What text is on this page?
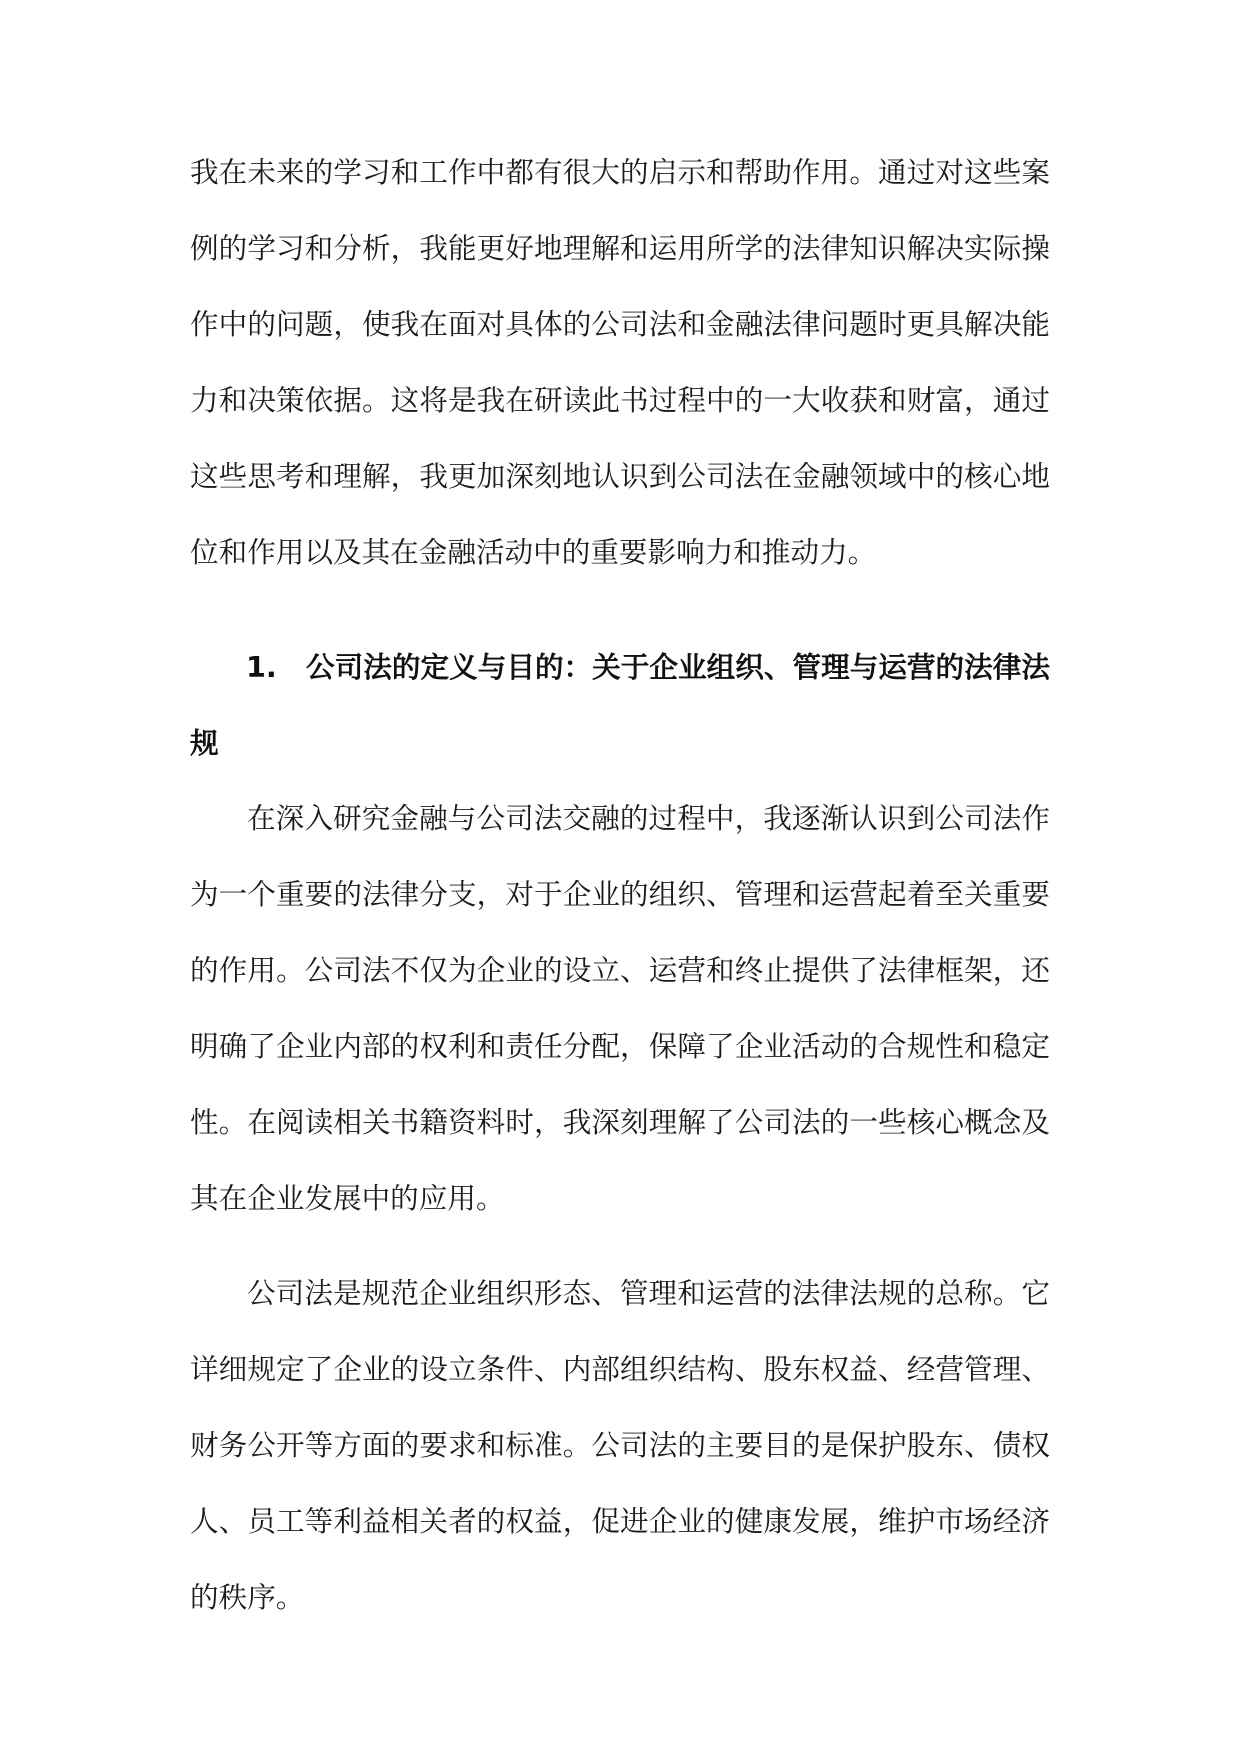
我在未来的学习和工作中都有很大的启示和帮助作用。通过对这些案例的学习和分析，我能更好地理解和运用所学的法律知识解决实际操作中的问题，使我在面对具体的公司法和金融法律问题时更具解决能力和决策依据。这将是我在研读此书过程中的一大收获和财富，通过这些思考和理解，我更加深刻地认识到公司法在金融领域中的核心地位和作用以及其在金融活动中的重要影响力和推动力。

1. 公司法的定义与目的：关于企业组织、管理与运营的法律法规

在深入研究金融与公司法交融的过程中，我逐渐认识到公司法作为一个重要的法律分支，对于企业的组织、管理和运营起着至关重要的作用。公司法不仅为企业的设立、运营和终止提供了法律框架，还明确了企业内部的权利和责任分配，保障了企业活动的合规性和稳定性。在阅读相关书籍资料时，我深刻理解了公司法的一些核心概念及其在企业发展中的应用。

公司法是规范企业组织形态、管理和运营的法律法规的总称。它详细规定了企业的设立条件、内部组织结构、股东权益、经营管理、财务公开等方面的要求和标准。公司法的主要目的是保护股东、债权人、员工等利益相关者的权益，促进企业的健康发展，维护市场经济的秩序。
